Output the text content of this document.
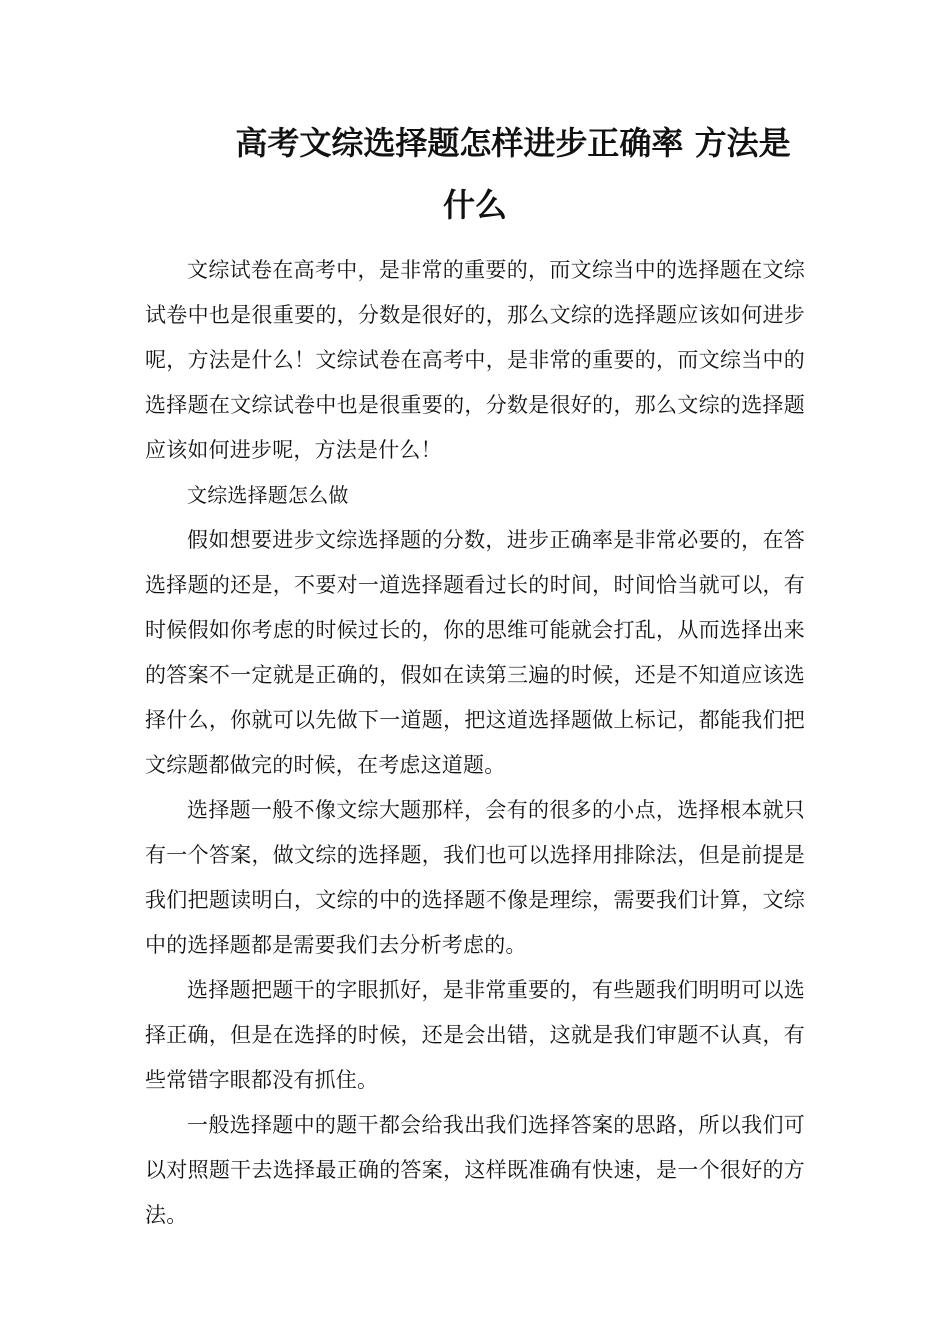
高考文综选择题怎样进步正确率 方法是什么

文综试卷在高考中，是非常的重要的，而文综当中的选择题在文综试卷中也是很重要的，分数是很好的，那么文综的选择题应该如何进步呢，方法是什么！文综试卷在高考中，是非常的重要的，而文综当中的选择题在文综试卷中也是很重要的，分数是很好的，那么文综的选择题应该如何进步呢，方法是什么！

文综选择题怎么做

假如想要进步文综选择题的分数，进步正确率是非常必要的，在答选择题的还是，不要对一道选择题看过长的时间，时间恰当就可以，有时候假如你考虑的时候过长的，你的思维可能就会打乱，从而选择出来的答案不一定就是正确的，假如在读第三遍的时候，还是不知道应该选择什么，你就可以先做下一道题，把这道选择题做上标记，都能我们把文综题都做完的时候，在考虑这道题。

选择题一般不像文综大题那样，会有的很多的小点，选择根本就只有一个答案，做文综的选择题，我们也可以选择用排除法，但是前提是我们把题读明白，文综的中的选择题不像是理综，需要我们计算，文综中的选择题都是需要我们去分析考虑的。

选择题把题干的字眼抓好，是非常重要的，有些题我们明明可以选择正确，但是在选择的时候，还是会出错，这就是我们审题不认真，有些常错字眼都没有抓住。

一般选择题中的题干都会给我出我们选择答案的思路，所以我们可以对照题干去选择最正确的答案，这样既准确有快速，是一个很好的方法。
